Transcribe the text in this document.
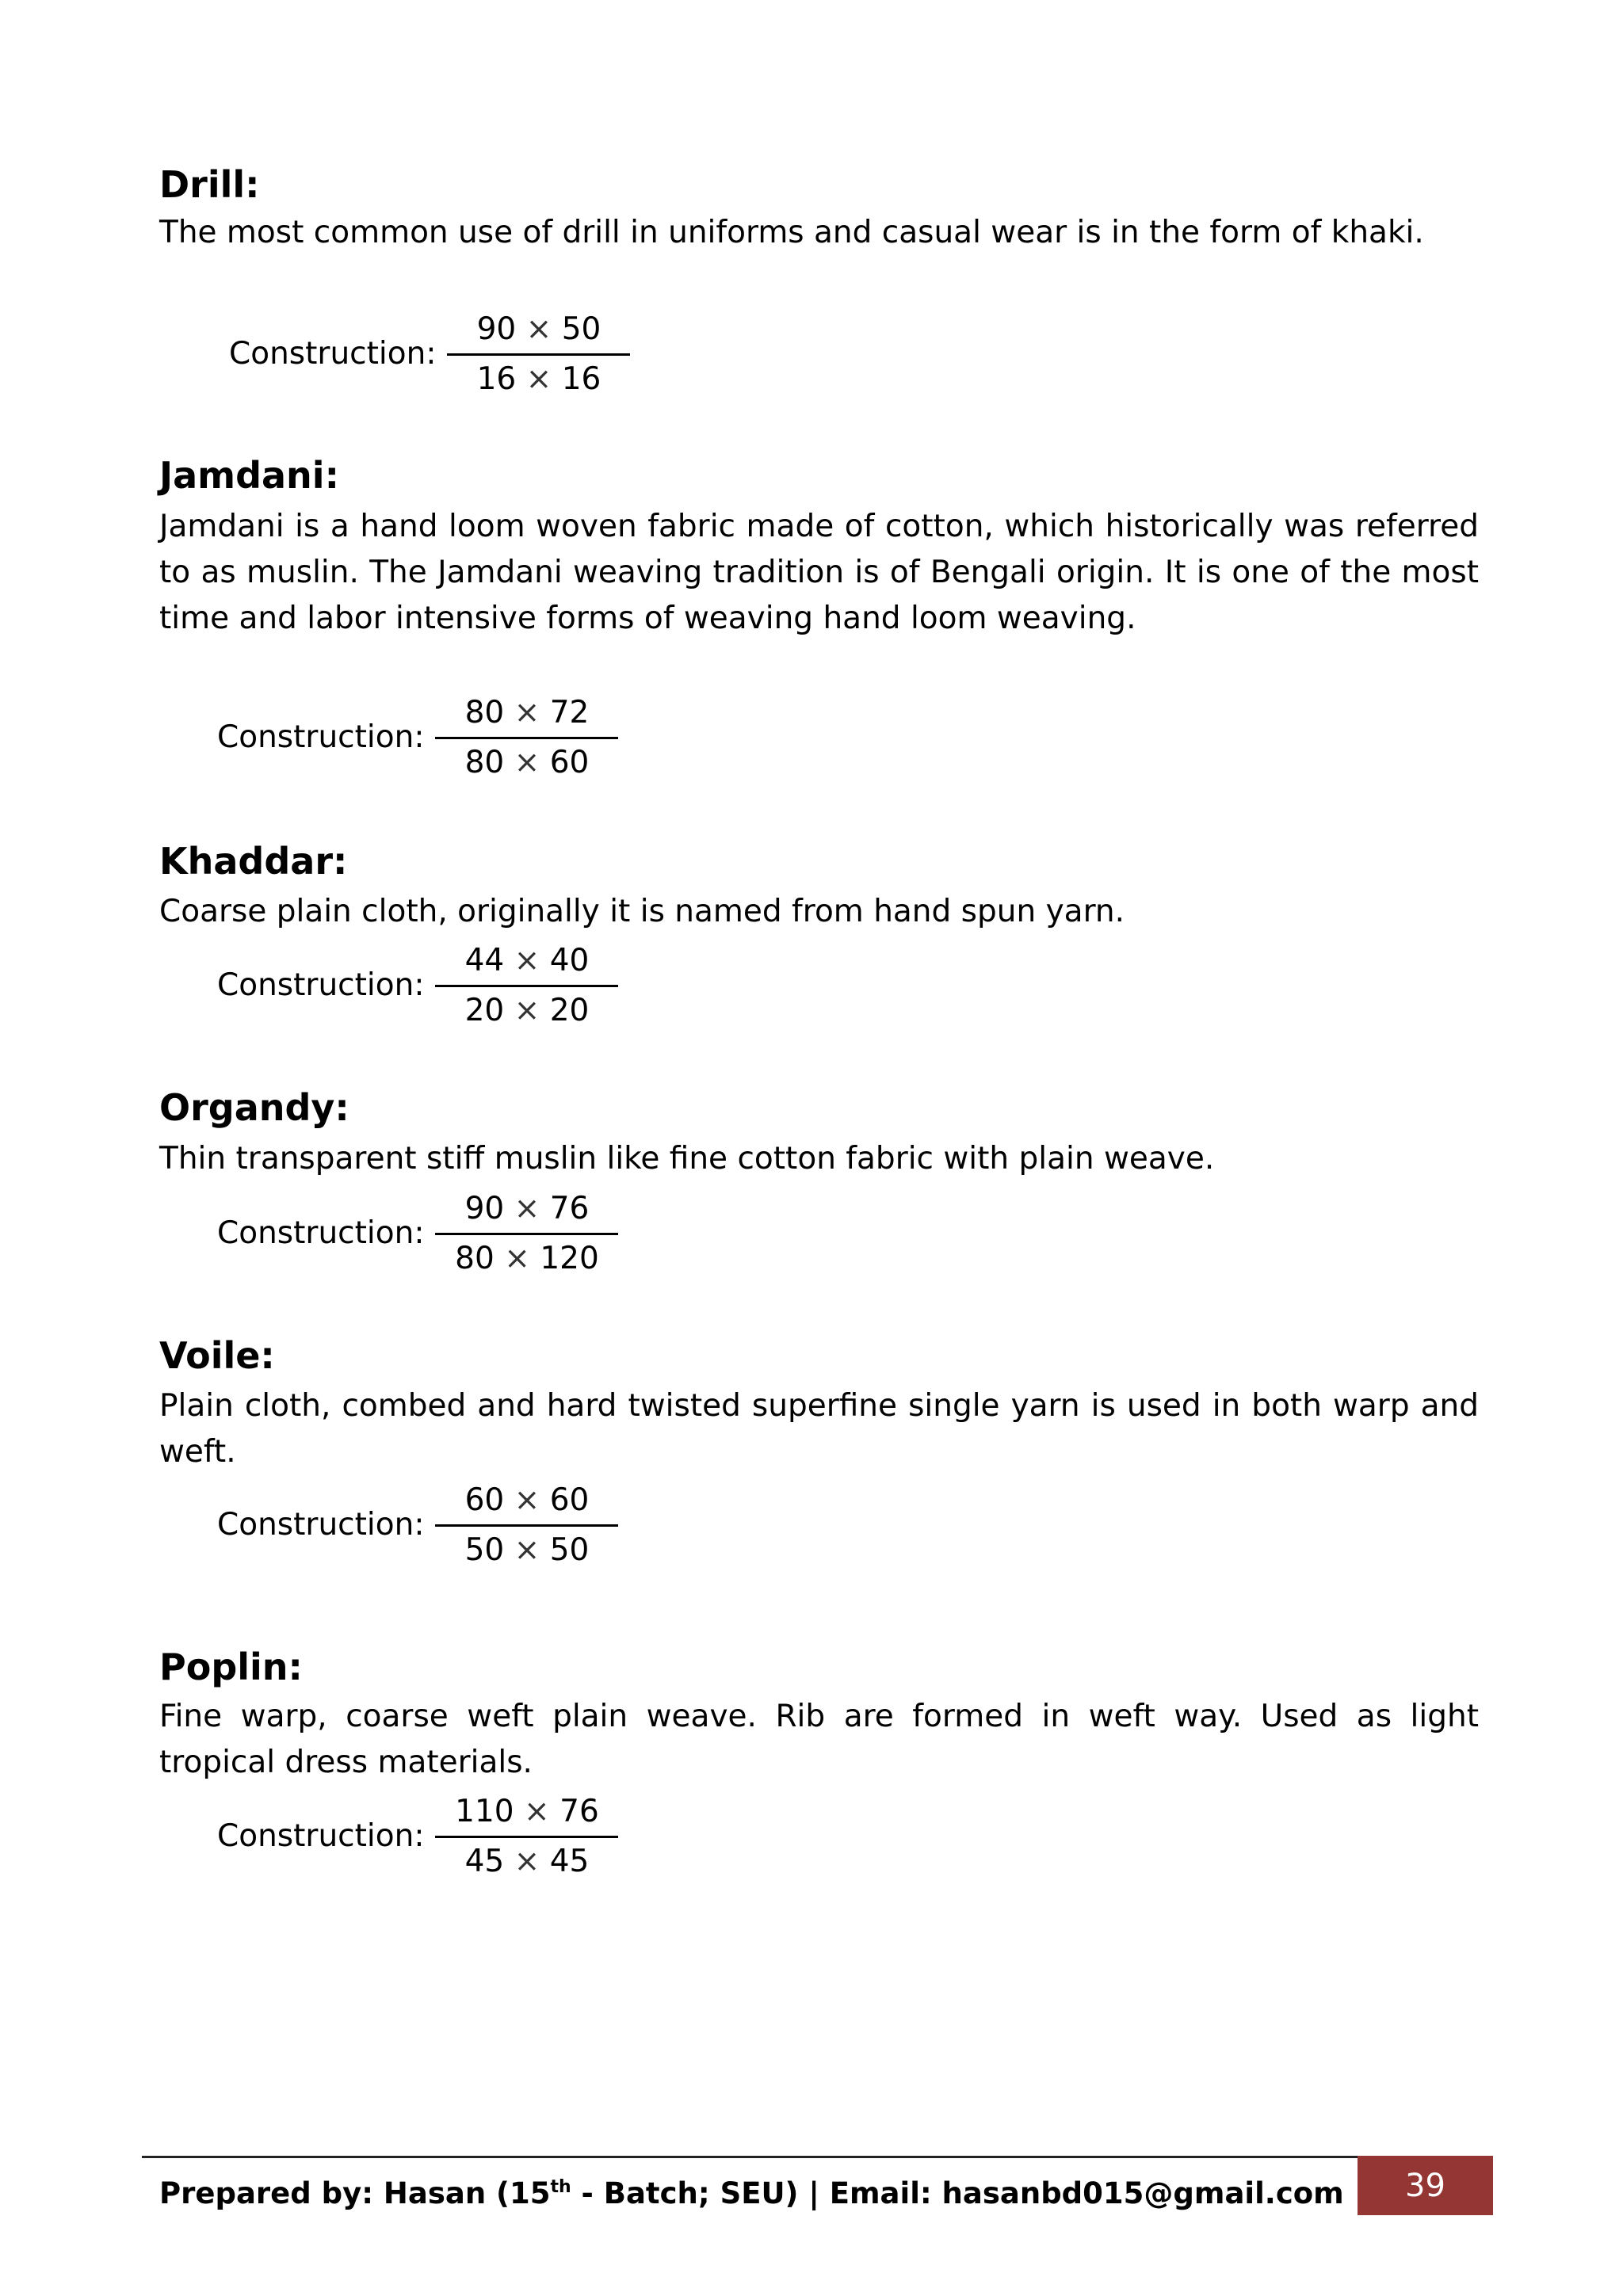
Drill:

The most common use of drill in uniforms and casual wear is in the form of khaki.

Construction: $\frac{90 \times 50}{16 \times 16}$
Jamdani:

Jamdani is a hand loom woven fabric made of cotton, which historically was referred to as muslin. The Jamdani weaving tradition is of Bengali origin. It is one of the most time and labor intensive forms of weaving hand loom weaving.

Construction: $\frac{80 \times 72}{80 \times 60}$
Khaddar:

Coarse plain cloth, originally it is named from hand spun yarn.

Construction: $\frac{44 \times 40}{20 \times 20}$
Organdy:

Thin transparent stiff muslin like fine cotton fabric with plain weave.

Construction: $\frac{90 \times 76}{80 \times 120}$
Voile:

Plain cloth, combed and hard twisted superfine single yarn is used in both warp and weft.

Construction: $\frac{60 \times 60}{50 \times 50}$
Poplin:

Fine warp, coarse weft plain weave. Rib are formed in weft way. Used as light tropical dress materials.

Construction: $\frac{110 \times 76}{45 \times 45}$
Prepared by: Hasan (15th - Batch; SEU) | Email: hasanbd015@gmail.com	39
